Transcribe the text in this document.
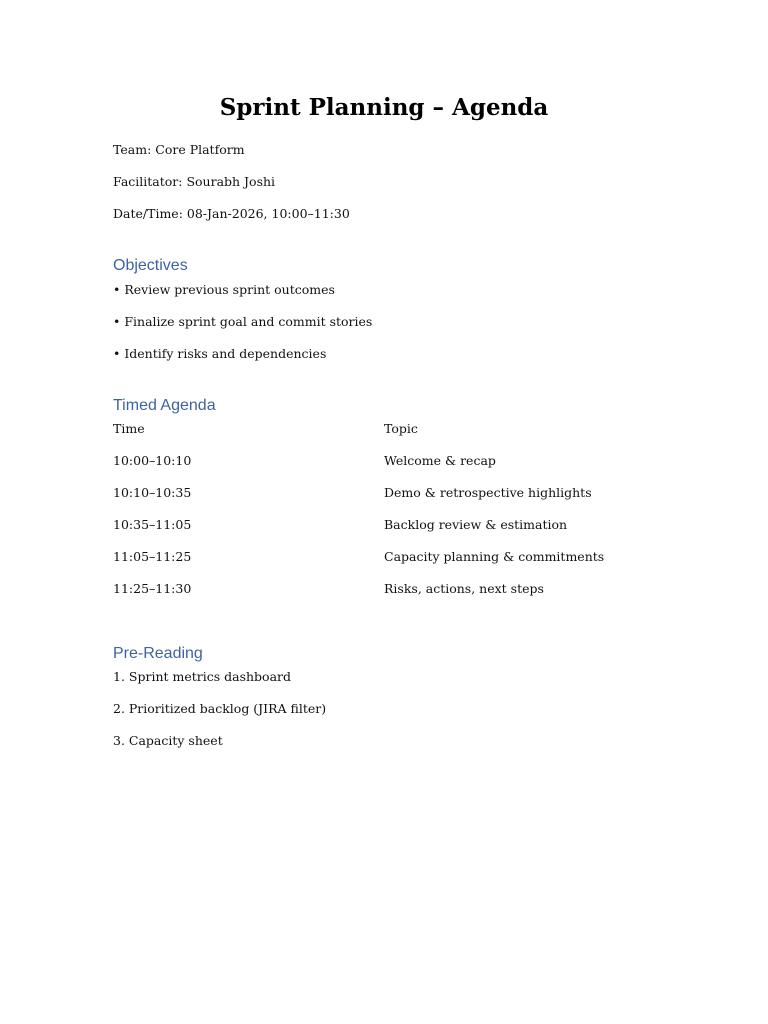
Sprint Planning – Agenda
Team: Core Platform
Facilitator: Sourabh Joshi
Date/Time: 08-Jan-2026, 10:00–11:30
Objectives
• Review previous sprint outcomes
• Finalize sprint goal and commit stories
• Identify risks and dependencies
Timed Agenda
Time	Topic
10:00–10:10	Welcome & recap
10:10–10:35	Demo & retrospective highlights
10:35–11:05	Backlog review & estimation
11:05–11:25	Capacity planning & commitments
11:25–11:30	Risks, actions, next steps
Pre-Reading
1. Sprint metrics dashboard
2. Prioritized backlog (JIRA filter)
3. Capacity sheet
